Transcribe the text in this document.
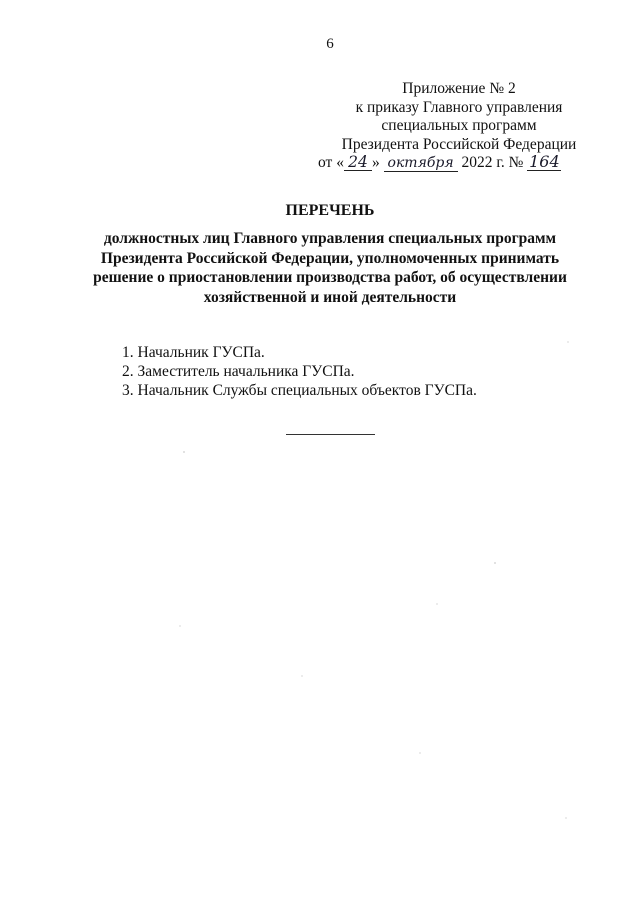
6
Приложение № 2
к приказу Главного управления
специальных программ
Президента Российской Федерации
от « 24 » октября 2022 г. № 164
ПЕРЕЧЕНЬ
должностных лиц Главного управления специальных программ
Президента Российской Федерации, уполномоченных принимать
решение о приостановлении производства работ, об осуществлении
хозяйственной и иной деятельности
1. Начальник ГУСПа.
2. Заместитель начальника ГУСПа.
3. Начальник Службы специальных объектов ГУСПа.
